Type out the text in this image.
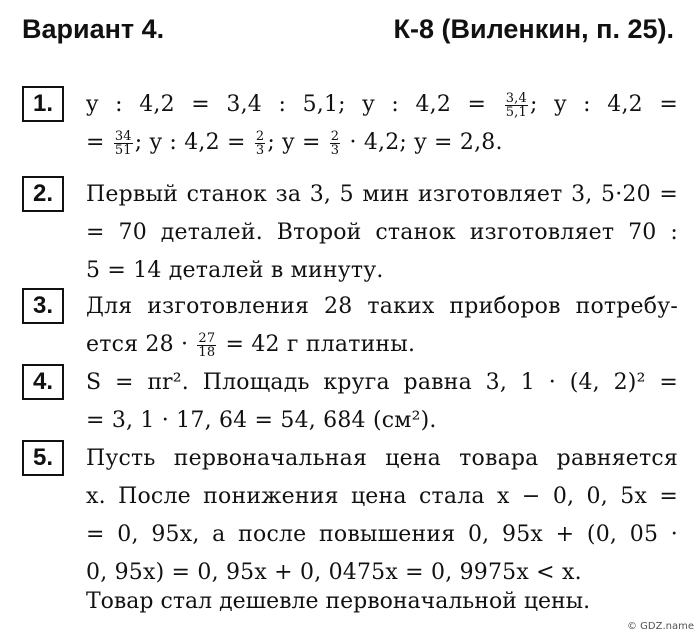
Вариант 4.	К-8 (Виленкин, п. 25).
1.	y : 4,2 = 3,4 : 5,1; y : $4,2 = \frac{3,4}{5,1}$ ; y : 4,2 =
= $\frac{34}{51}$ ; y : $4,2 = \frac{2}{3}$ ; $y = \frac{2}{3} \cdot 4,2$; y = 2,8.
2.	Первый станок за 3, 5 мин изготовляет 3, 5·20 =
= 70 деталей. Второй станок изготовляет 70 :
5 = 14 деталей в минуту.
3.	Для изготовления 28 таких приборов потребу-
ется $28 \cdot \frac{27}{18} = 42$ г платины.
4.	S = πr². Площадь круга равна 3, 1 · (4, 2)² =
= 3, 1 · 17, 64 = 54, 684 (см²).
5.	Пусть первоначальная цена товара равняется
x. После понижения цена стала x − 0, 0, 5x =
= 0, 95x, а после повышения 0, 95x + (0, 05 ·
0, 95x) = 0, 95x + 0, 0475x = 0, 9975x < x.
Товар стал дешевле первоначальной цены.
© GDZ.name
